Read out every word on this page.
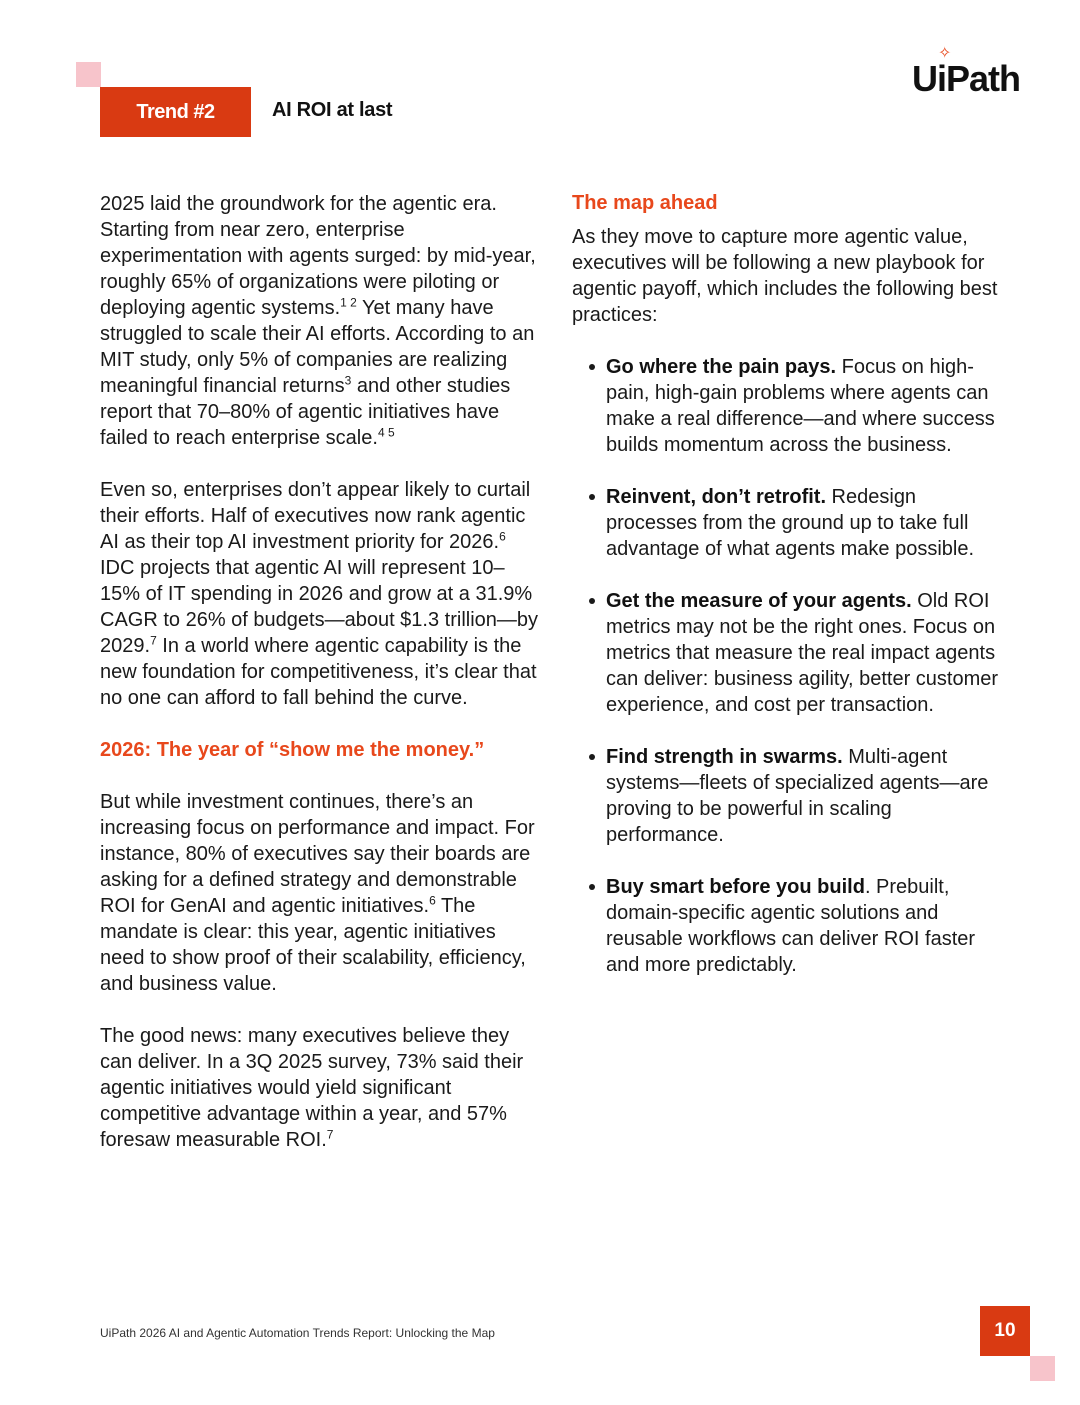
Trend #2	AI ROI at last
U
✧
iPath

2025 laid the groundwork for the agentic era. Starting from near zero, enterprise experimentation with agents surged: by mid-year, roughly 65% of organizations were piloting or deploying agentic systems.$^{1 2}$ Yet many have struggled to scale their AI efforts. According to an MIT study, only 5% of companies are realizing meaningful financial returns$^3$ and other studies report that 70–80% of agentic initiatives have failed to reach enterprise scale.$^{4 5}$

Even so, enterprises don’t appear likely to curtail their efforts. Half of executives now rank agentic AI as their top AI investment priority for 2026.$^6$ IDC projects that agentic AI will represent 10–15% of IT spending in 2026 and grow at a 31.9% CAGR to 26% of budgets—about $1.3 trillion—by 2029.$^7$ In a world where agentic capability is the new foundation for competitiveness, it’s clear that no one can afford to fall behind the curve.

2026: The year of “show me the money.”

But while investment continues, there’s an increasing focus on performance and impact. For instance, 80% of executives say their boards are asking for a defined strategy and demonstrable ROI for GenAI and agentic initiatives.$^6$ The mandate is clear: this year, agentic initiatives need to show proof of their scalability, efficiency, and business value.

The good news: many executives believe they can deliver. In a 3Q 2025 survey, 73% said their agentic initiatives would yield significant competitive advantage within a year, and 57% foresaw measurable ROI.$^7$

The map ahead

As they move to capture more agentic value, executives will be following a new playbook for agentic payoff, which includes the following best practices:

Go where the pain pays. Focus on high-pain, high-gain problems where agents can make a real difference—and where success builds momentum across the business.
Reinvent, don’t retrofit. Redesign processes from the ground up to take full advantage of what agents make possible.
Get the measure of your agents. Old ROI metrics may not be the right ones. Focus on metrics that measure the real impact agents can deliver: business agility, better customer experience, and cost per transaction.
Find strength in swarms. Multi-agent systems—fleets of specialized agents—are proving to be powerful in scaling performance.
Buy smart before you build. Prebuilt, domain-specific agentic solutions and reusable workflows can deliver ROI faster and more predictably.
UiPath 2026 AI and Agentic Automation Trends Report: Unlocking the Map	10
